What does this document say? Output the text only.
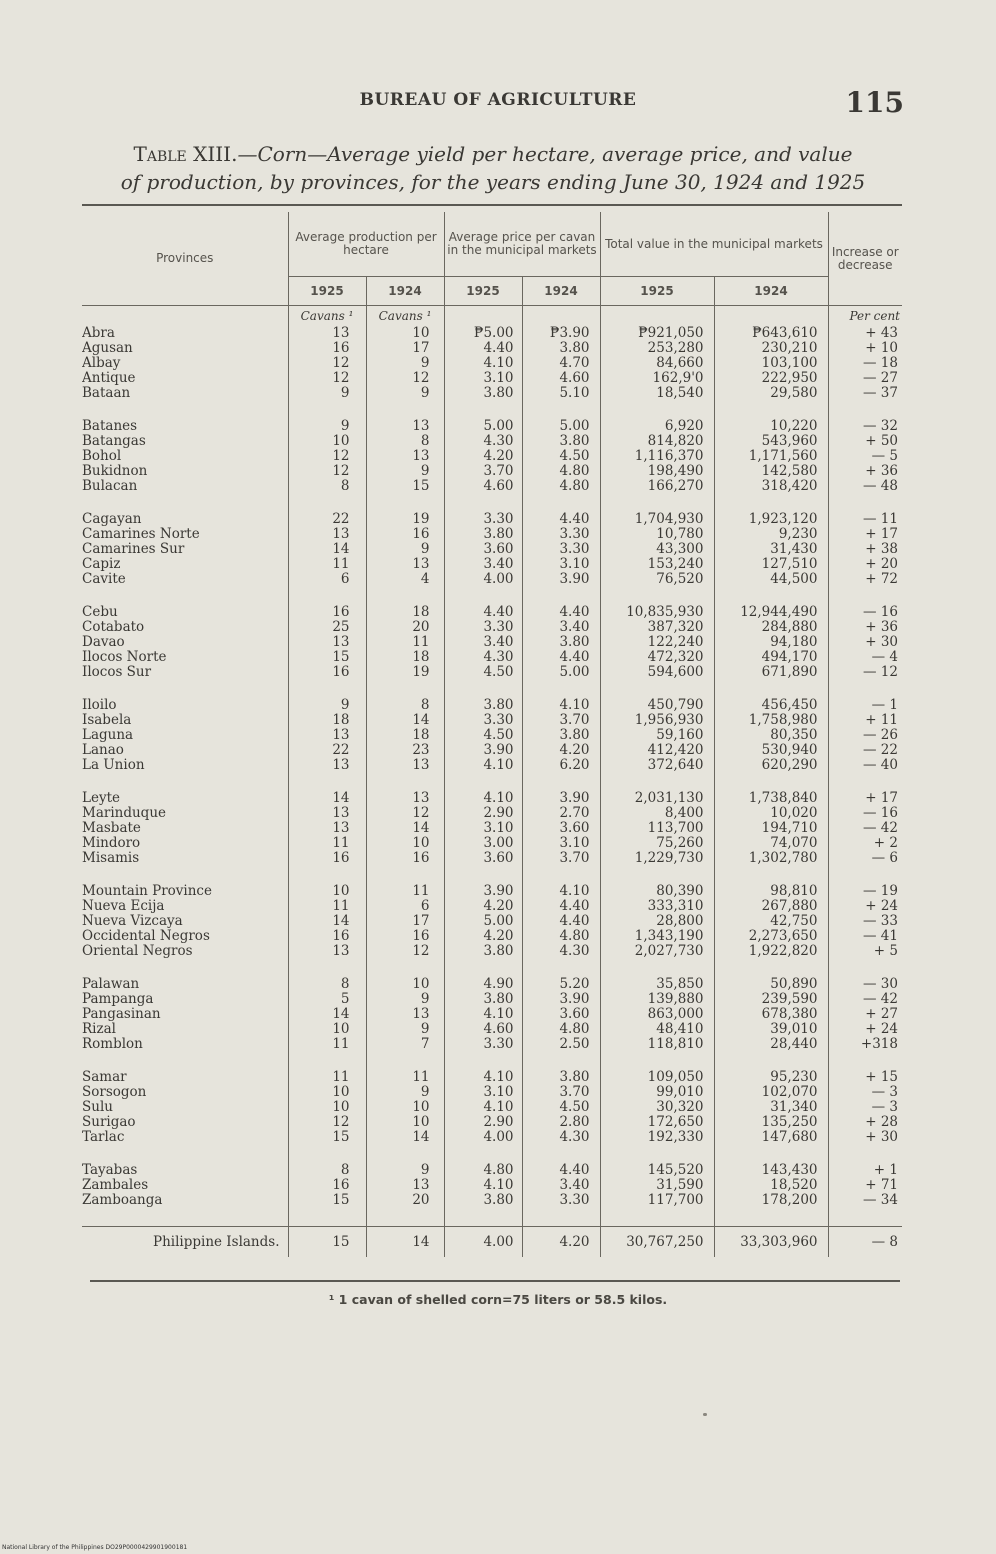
BUREAU OF AGRICULTURE	115
Table XIII.—Corn—Average yield per hectare, average price, and value
of production, by provinces, for the years ending June 30, 1924 and 1925
Provinces	Average production per hectare		Average price per cavan in the municipal markets		Total value in the municipal markets		Increase or decrease
	1925	1924	1925	1924	1925	1924	
	Cavans ¹	Cavans ¹					Per cent
Abra	13	10	₱5.00	₱3.90	₱921,050	₱643,610	+ 43
Agusan	16	17	4.40	3.80	253,280	230,210	+ 10
Albay	12	9	4.10	4.70	84,660	103,100	— 18
Antique	12	12	3.10	4.60	162,9'0	222,950	— 27
Bataan	9	9	3.80	5.10	18,540	29,580	— 37

Batanes	9	13	5.00	5.00	6,920	10,220	— 32
Batangas	10	8	4.30	3.80	814,820	543,960	+ 50
Bohol	12	13	4.20	4.50	1,116,370	1,171,560	— 5
Bukidnon	12	9	3.70	4.80	198,490	142,580	+ 36
Bulacan	8	15	4.60	4.80	166,270	318,420	— 48

Cagayan	22	19	3.30	4.40	1,704,930	1,923,120	— 11
Camarines Norte	13	16	3.80	3.30	10,780	9,230	+ 17
Camarines Sur	14	9	3.60	3.30	43,300	31,430	+ 38
Capiz	11	13	3.40	3.10	153,240	127,510	+ 20
Cavite	6	4	4.00	3.90	76,520	44,500	+ 72

Cebu	16	18	4.40	4.40	10,835,930	12,944,490	— 16
Cotabato	25	20	3.30	3.40	387,320	284,880	+ 36
Davao	13	11	3.40	3.80	122,240	94,180	+ 30
Ilocos Norte	15	18	4.30	4.40	472,320	494,170	— 4
Ilocos Sur	16	19	4.50	5.00	594,600	671,890	— 12

Iloilo	9	8	3.80	4.10	450,790	456,450	— 1
Isabela	18	14	3.30	3.70	1,956,930	1,758,980	+ 11
Laguna	13	18	4.50	3.80	59,160	80,350	— 26
Lanao	22	23	3.90	4.20	412,420	530,940	— 22
La Union	13	13	4.10	6.20	372,640	620,290	— 40

Leyte	14	13	4.10	3.90	2,031,130	1,738,840	+ 17
Marinduque	13	12	2.90	2.70	8,400	10,020	— 16
Masbate	13	14	3.10	3.60	113,700	194,710	— 42
Mindoro	11	10	3.00	3.10	75,260	74,070	+ 2
Misamis	16	16	3.60	3.70	1,229,730	1,302,780	— 6

Mountain Province	10	11	3.90	4.10	80,390	98,810	— 19
Nueva Ecija	11	6	4.20	4.40	333,310	267,880	+ 24
Nueva Vizcaya	14	17	5.00	4.40	28,800	42,750	— 33
Occidental Negros	16	16	4.20	4.80	1,343,190	2,273,650	— 41
Oriental Negros	13	12	3.80	4.30	2,027,730	1,922,820	+ 5

Palawan	8	10	4.90	5.20	35,850	50,890	— 30
Pampanga	5	9	3.80	3.90	139,880	239,590	— 42
Pangasinan	14	13	4.10	3.60	863,000	678,380	+ 27
Rizal	10	9	4.60	4.80	48,410	39,010	+ 24
Romblon	11	7	3.30	2.50	118,810	28,440	+318

Samar	11	11	4.10	3.80	109,050	95,230	+ 15
Sorsogon	10	9	3.10	3.70	99,010	102,070	— 3
Sulu	10	10	4.10	4.50	30,320	31,340	— 3
Surigao	12	10	2.90	2.80	172,650	135,250	+ 28
Tarlac	15	14	4.00	4.30	192,330	147,680	+ 30

Tayabas	8	9	4.80	4.40	145,520	143,430	+ 1
Zambales	16	13	4.10	3.40	31,590	18,520	+ 71
Zamboanga	15	20	3.80	3.30	117,700	178,200	— 34

Philippine Islands.	15	14	4.00	4.20	30,767,250	33,303,960	— 8
¹ 1 cavan of shelled corn=75 liters or 58.5 kilos.
National Library of the Philippines DO29P0000429901900181
